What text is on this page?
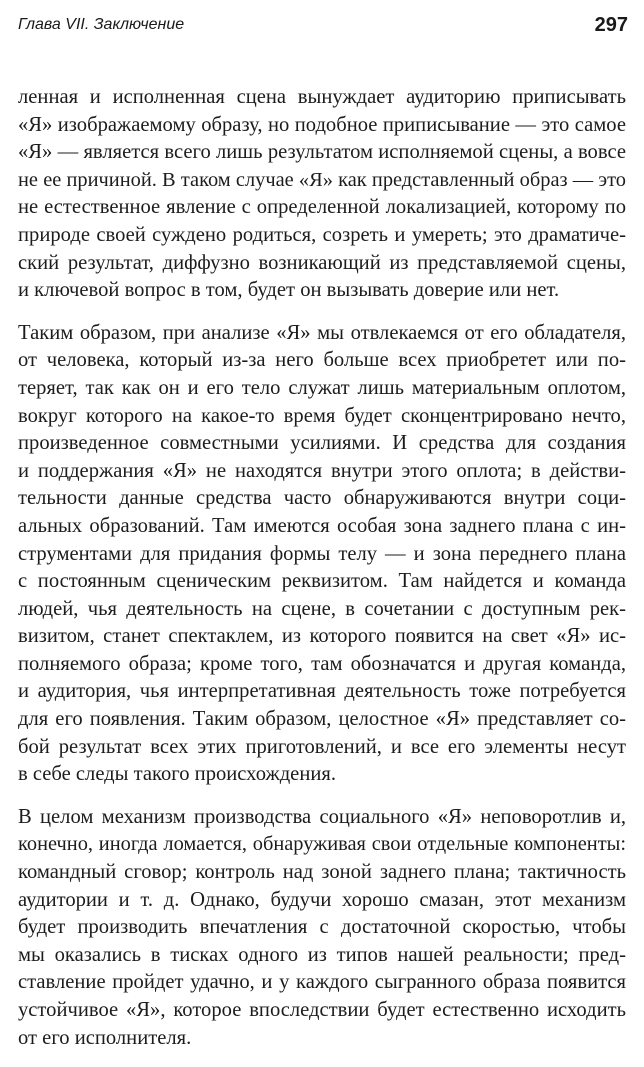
Глава VII. Заключение	297
ленная и исполненная сцена вынуждает аудиторию приписывать
«Я» изображаемому образу, но подобное приписывание — это самое
«Я» — является всего лишь результатом исполняемой сцены, а вовсе
не ее причиной. В таком случае «Я» как представленный образ — это
не естественное явление с определенной локализацией, которому по
природе своей суждено родиться, созреть и умереть; это драматиче-
ский результат, диффузно возникающий из представляемой сцены,
и ключевой вопрос в том, будет он вызывать доверие или нет.
Таким образом, при анализе «Я» мы отвлекаемся от его обладателя,
от человека, который из-за него больше всех приобретет или по-
теряет, так как он и его тело служат лишь материальным оплотом,
вокруг которого на какое-то время будет сконцентрировано нечто,
произведенное совместными усилиями. И средства для создания
и поддержания «Я» не находятся внутри этого оплота; в действи-
тельности данные средства часто обнаруживаются внутри соци-
альных образований. Там имеются особая зона заднего плана с ин-
струментами для придания формы телу — и зона переднего плана
с постоянным сценическим реквизитом. Там найдется и команда
людей, чья деятельность на сцене, в сочетании с доступным рек-
визитом, станет спектаклем, из которого появится на свет «Я» ис-
полняемого образа; кроме того, там обозначатся и другая команда,
и аудитория, чья интерпретативная деятельность тоже потребуется
для его появления. Таким образом, целостное «Я» представляет со-
бой результат всех этих приготовлений, и все его элементы несут
в себе следы такого происхождения.
В целом механизм производства социального «Я» неповоротлив и,
конечно, иногда ломается, обнаруживая свои отдельные компоненты:
командный сговор; контроль над зоной заднего плана; тактичность
аудитории и т. д. Однако, будучи хорошо смазан, этот механизм
будет производить впечатления с достаточной скоростью, чтобы
мы оказались в тисках одного из типов нашей реальности; пред-
ставление пройдет удачно, и у каждого сыгранного образа появится
устойчивое «Я», которое впоследствии будет естественно исходить
от его исполнителя.
